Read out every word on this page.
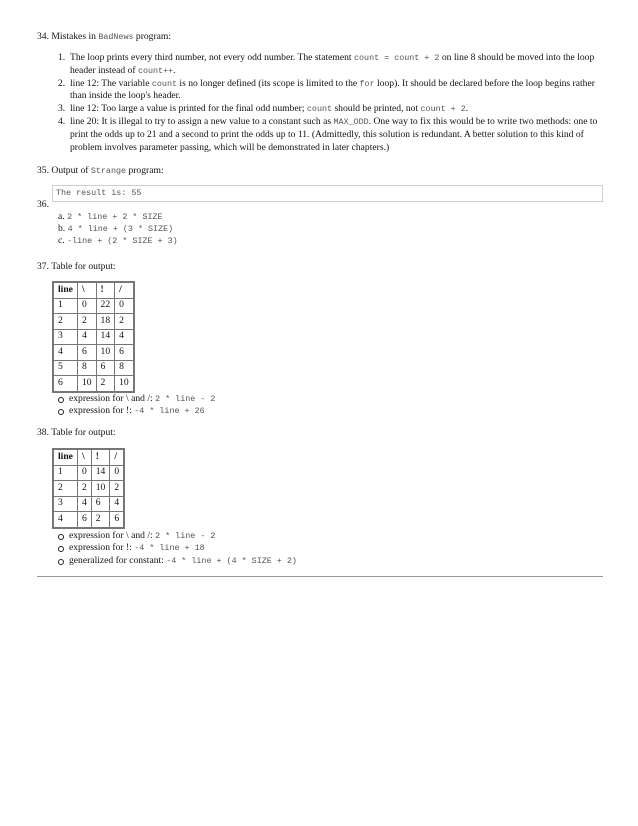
34. Mistakes in BadNews program:
1. The loop prints every third number, not every odd number. The statement count = count + 2 on line 8 should be moved into the loop header instead of count++.
2. line 12: The variable count is no longer defined (its scope is limited to the for loop). It should be declared before the loop begins rather than inside the loop's header.
3. line 12: Too large a value is printed for the final odd number; count should be printed, not count + 2.
4. line 20: It is illegal to try to assign a new value to a constant such as MAX_ODD. One way to fix this would be to write two methods: one to print the odds up to 21 and a second to print the odds up to 11. (Admittedly, this solution is redundant. A better solution to this kind of problem involves parameter passing, which will be demonstrated in later chapters.)
35. Output of Strange program:
The result is: 55
36.
a. 2 * line + 2 * SIZE
b. 4 * line + (3 * SIZE)
c. -line + (2 * SIZE + 3)
37. Table for output:
line	\	!	/
1	0	22	0
2	2	18	2
3	4	14	4
4	6	10	6
5	8	6	8
6	10	2	10
expression for \ and /: 2 * line - 2
expression for !: -4 * line + 26
38. Table for output:
line	\	!	/
1	0	14	0
2	2	10	2
3	4	6	4
4	6	2	6
expression for \ and /: 2 * line - 2
expression for !: -4 * line + 18
generalized for constant: -4 * line + (4 * SIZE + 2)
